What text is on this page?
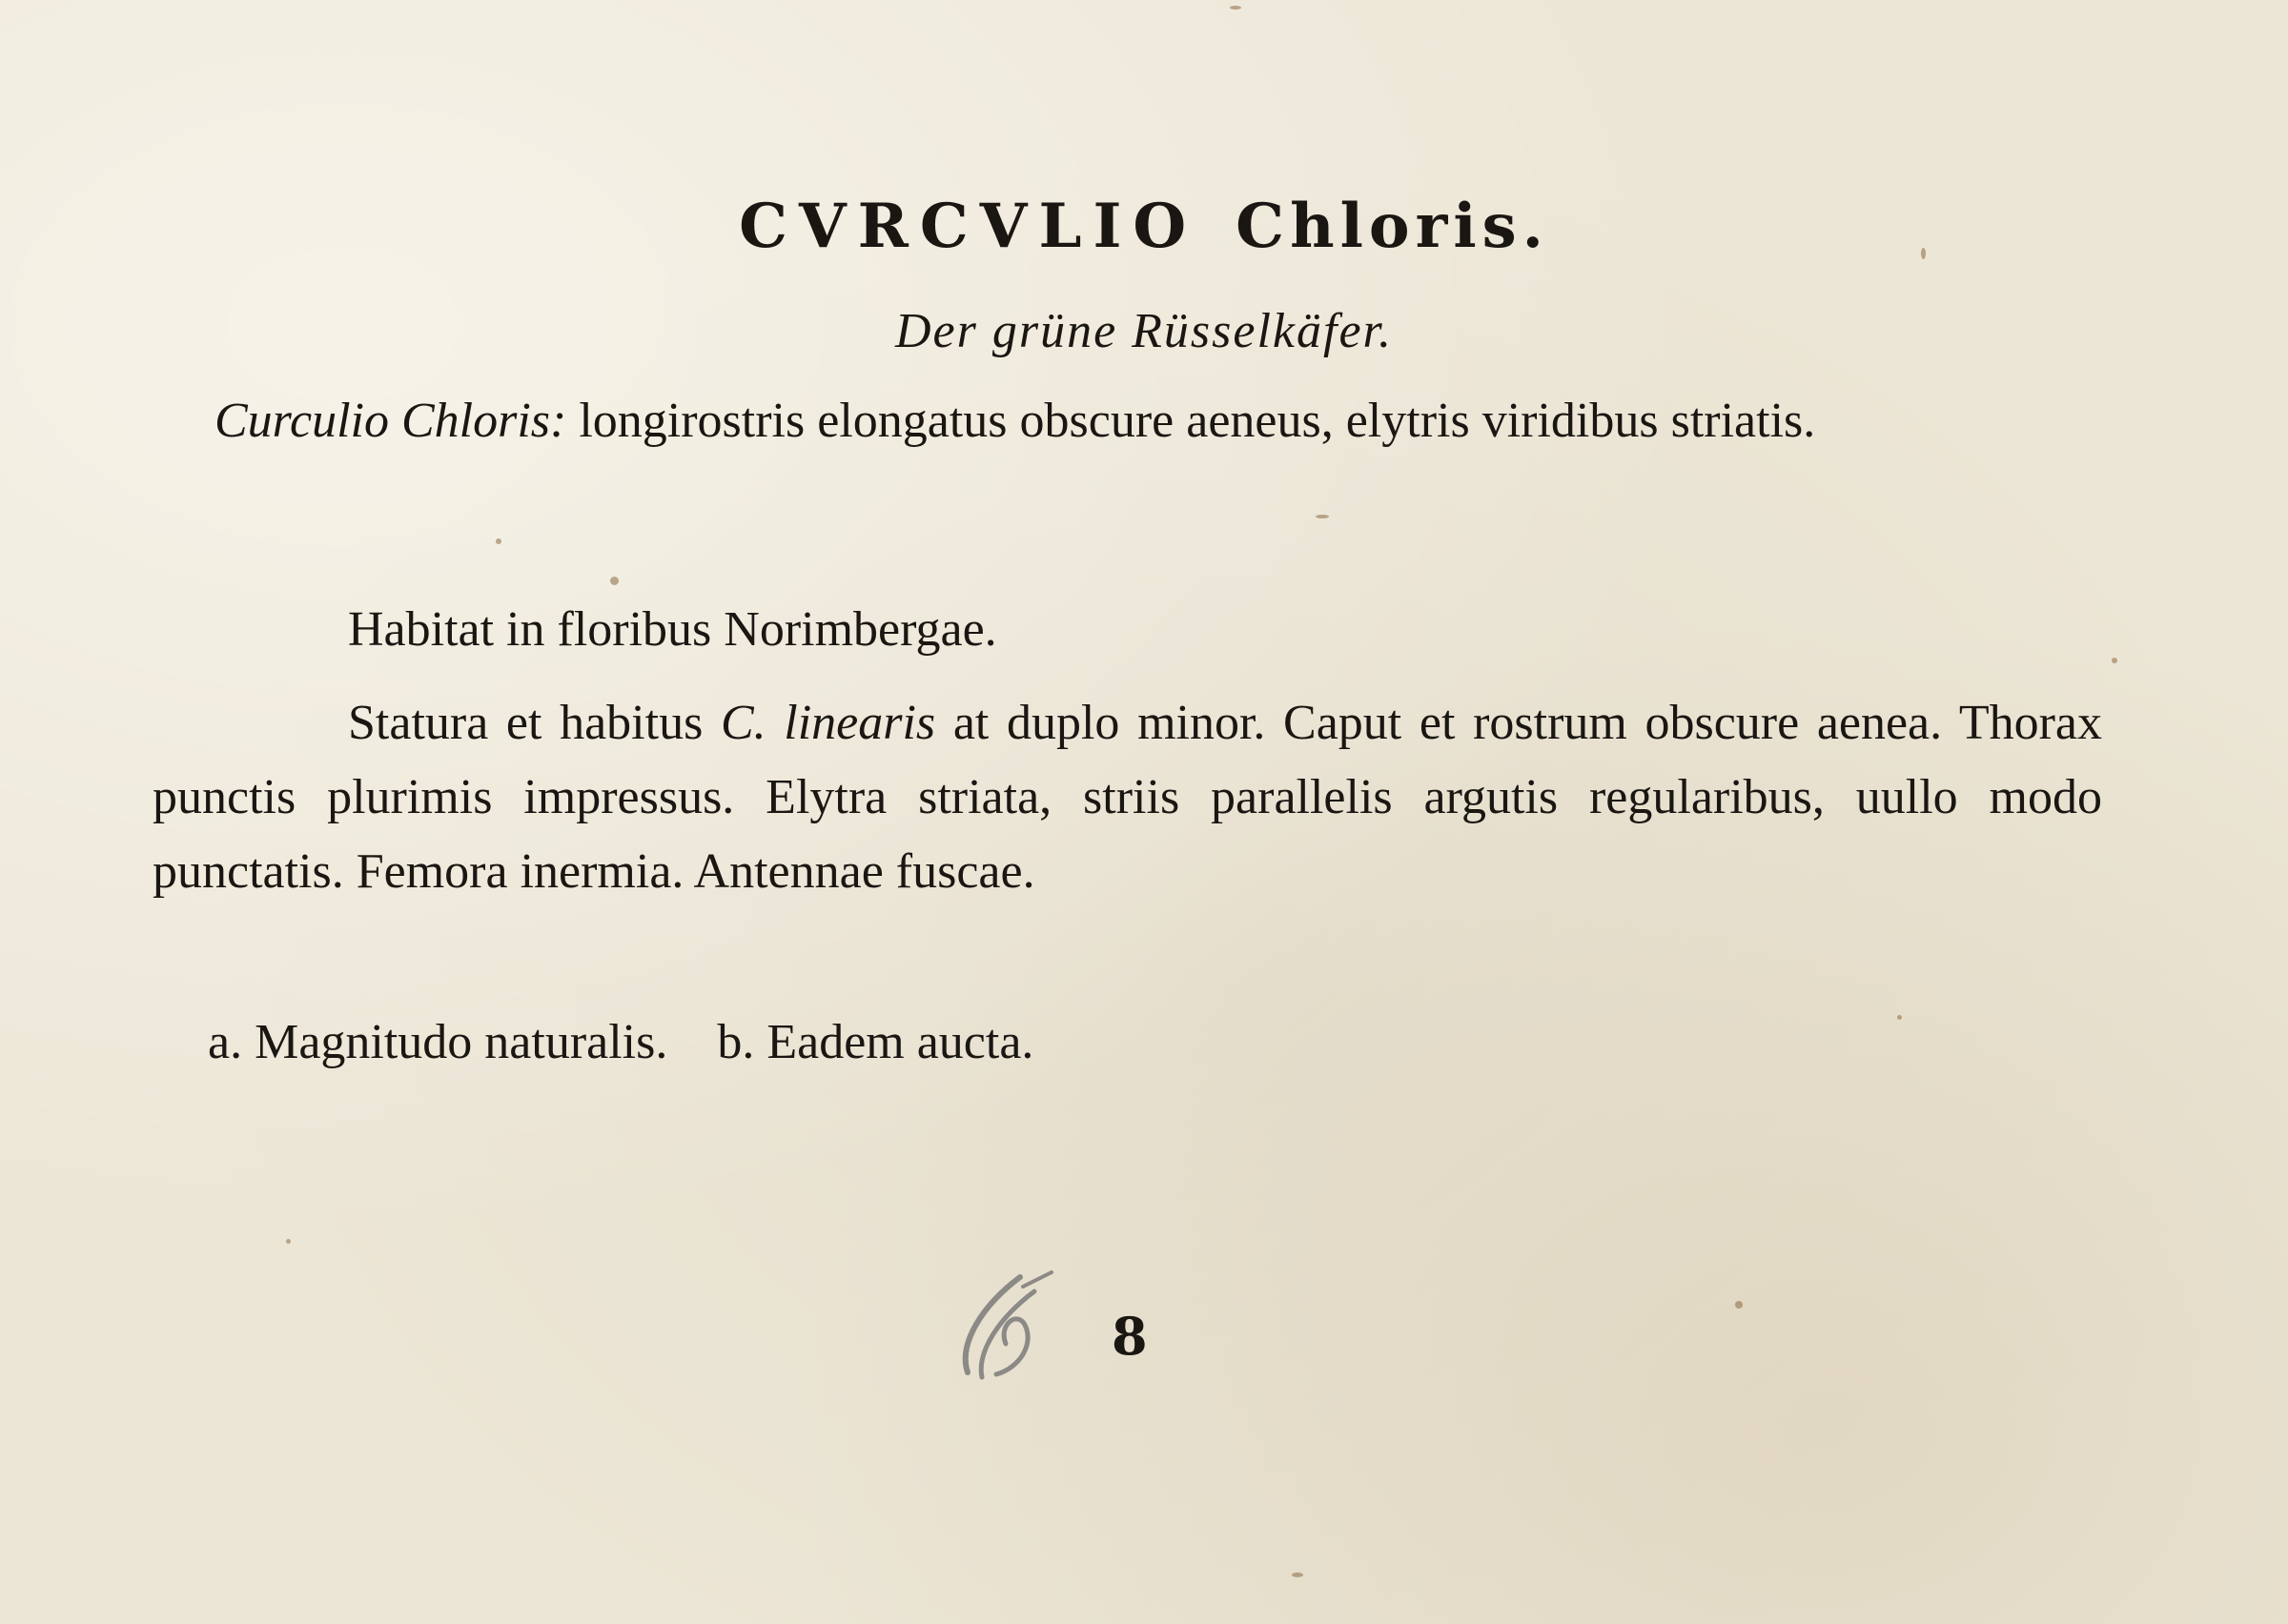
CVRCVLIO Chloris.
Der grüne Rüsselkäfer.
Curculio Chloris: longirostris elongatus obscure aeneus, elytris viridibus striatis.
Habitat in floribus Norimbergae.
Statura et habitus C. linearis at duplo minor. Caput et rostrum obscure aenea. Thorax punctis plurimis impressus. Elytra striata, striis parallelis argutis regularibus, uullo modo punctatis. Femora inermia. Antennae fuscae.
a. Magnitudo naturalis. b. Eadem aucta.
8
